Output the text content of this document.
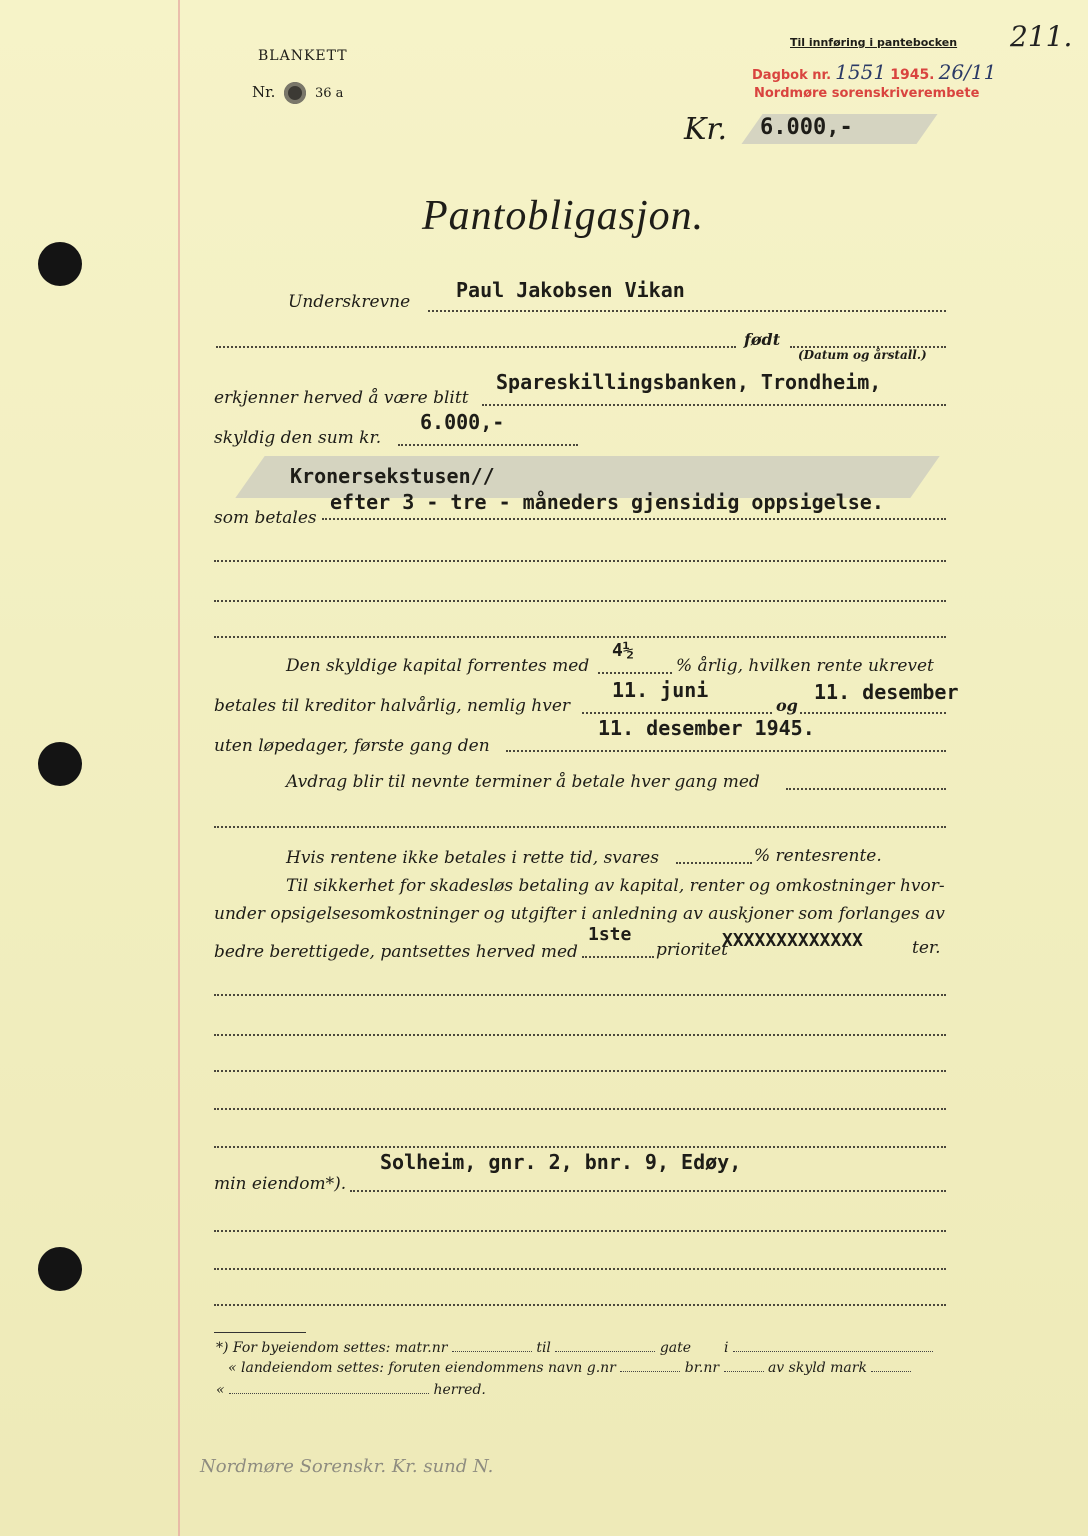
BLANKETT
Nr.	36 a
Til innføring i pantebocken
Dagbok nr. 1551 1945. 26/11
Nordmøre sorenskriverembete
211.
Kr. 6.000,-
Pantobligasjon.
Paul Jakobsen Vikan
Underskrevne
født
(Datum og årstall.)
Spareskillingsbanken, Trondheim,
erkjenner herved å være blitt
6.000,-
skyldig den sum kr.
Kronersekstusen//
efter 3 - tre - måneders gjensidig oppsigelse.
som betales
4½
Den skyldige kapital forrentes med	% årlig, hvilken rente ukrevet
11. juni	11. desember
betales til kreditor halvårlig, nemlig hver	og
11. desember 1945.
uten løpedager, første gang den
Avdrag blir til nevnte terminer å betale hver gang med
Hvis rentene ikke betales i rette tid, svares	% rentesrente.
Til sikkerhet for skadesløs betaling av kapital, renter og omkostninger hvor-
under opsigelsesomkostninger og utgifter i anledning av auskjoner som forlanges av
1ste
bedre berettigede, pantsettes herved med	prioritet
XXXXXXXXXXXXX	ter.
Solheim, gnr. 2, bnr. 9, Edøy,
min eiendom*).
*) For byeiendom settes: matr.nr	til	gate i
« landeiendom settes: foruten eiendommens navn g.nr	br.nr	av skyld mark
«	herred.
Nordmøre Sorenskr. Kr. sund N.
